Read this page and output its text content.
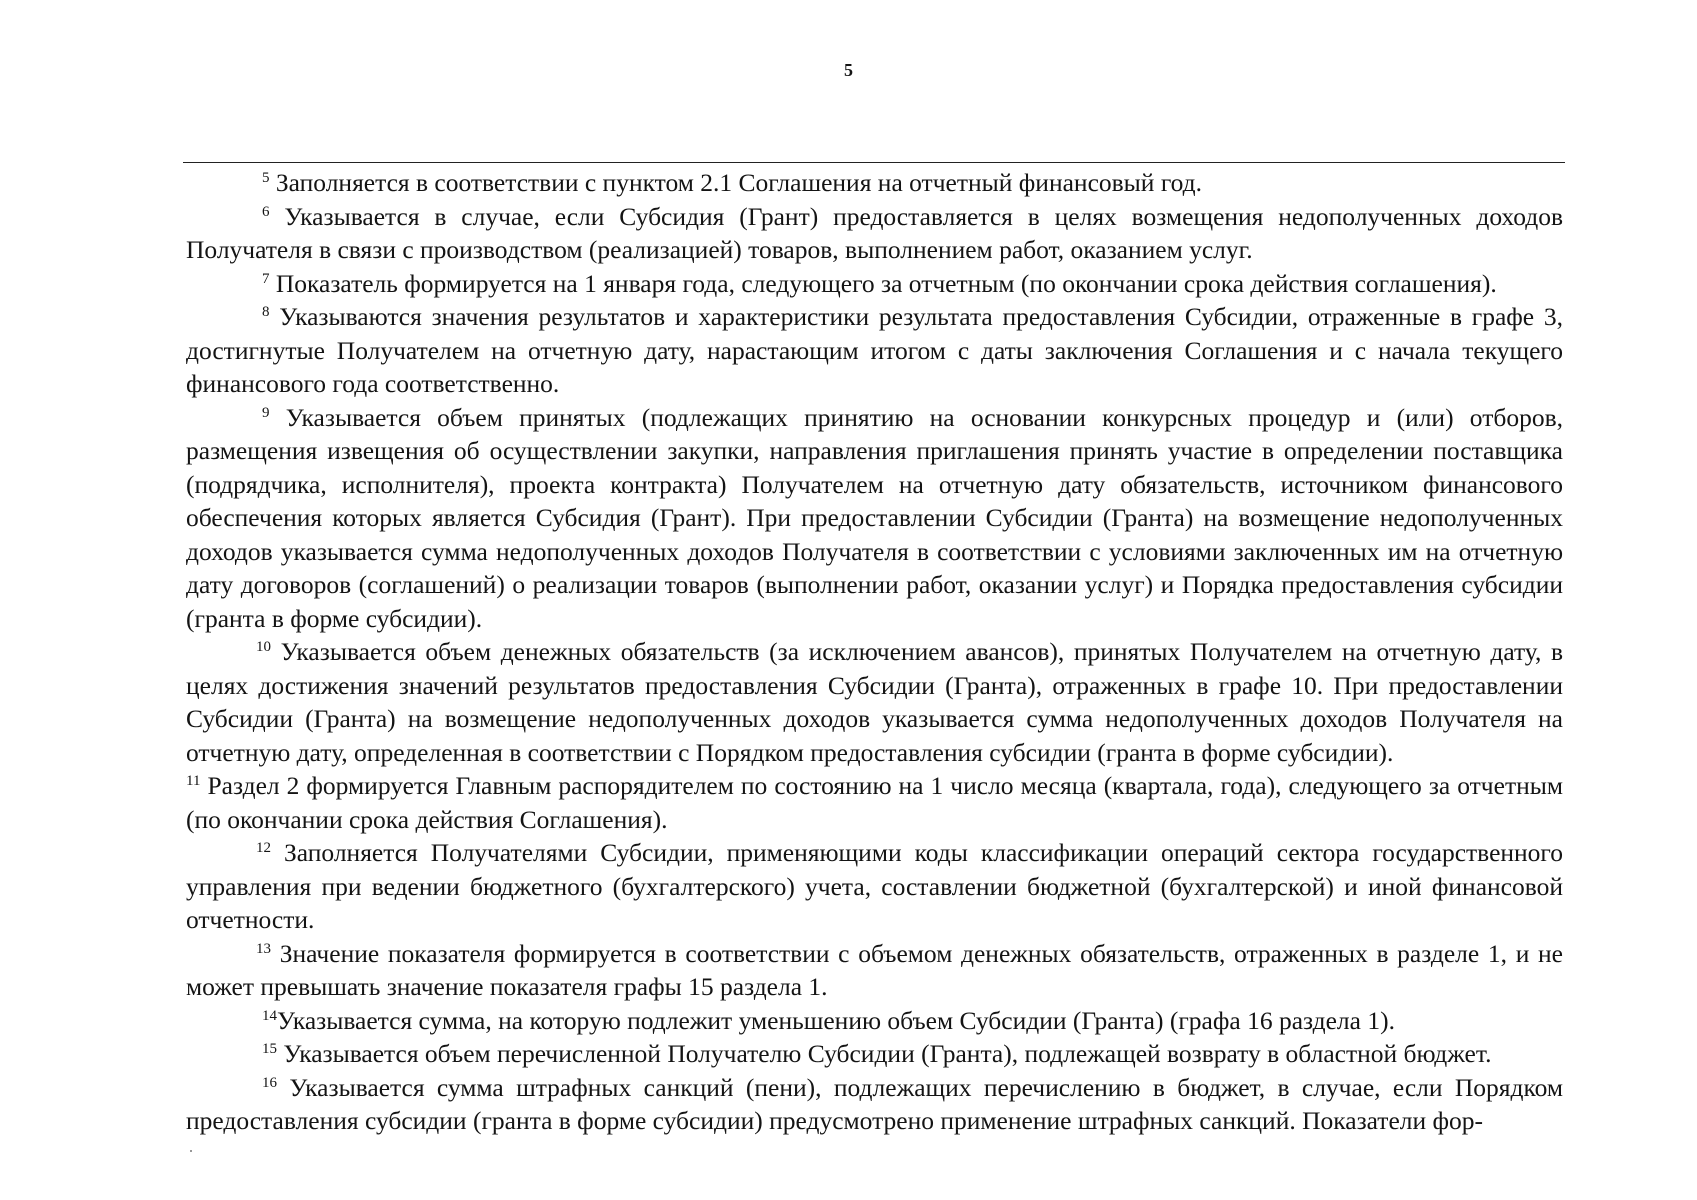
5

$^5$ Заполняется в соответствии с пунктом 2.1 Соглашения на отчетный финансовый год.

$^6$ Указывается в случае, если Субсидия (Грант) предоставляется в целях возмещения недополученных доходов Получателя в связи с производством (реализацией) товаров, выполнением работ, оказанием услуг.

$^7$ Показатель формируется на 1 января года, следующего за отчетным (по окончании срока действия соглашения).

$^8$ Указываются значения результатов и характеристики результата предоставления Субсидии, отраженные в графе 3, достигнутые Получателем на отчетную дату, нарастающим итогом с даты заключения Соглашения и с начала текущего финансового года соответственно.

$^9$ Указывается объем принятых (подлежащих принятию на основании конкурсных процедур и (или) отборов, размещения извещения об осуществлении закупки, направления приглашения принять участие в определении поставщика (подрядчика, исполнителя), проекта контракта) Получателем на отчетную дату обязательств, источником финансового обеспечения которых является Субсидия (Грант). При предоставлении Субсидии (Гранта) на возмещение недополученных доходов указывается сумма недополученных доходов Получателя в соответствии с условиями заключенных им на отчетную дату договоров (соглашений) о реализации товаров (выполнении работ, оказании услуг) и Порядка предоставления субсидии (гранта в форме субсидии).

$^{10}$ Указывается объем денежных обязательств (за исключением авансов), принятых Получателем на отчетную дату, в целях достижения значений результатов предоставления Субсидии (Гранта), отраженных в графе 10. При предоставлении Субсидии (Гранта) на возмещение недополученных доходов указывается сумма недополученных доходов Получателя на отчетную дату, определенная в соответствии с Порядком предоставления субсидии (гранта в форме субсидии).

$^{11}$ Раздел 2 формируется Главным распорядителем по состоянию на 1 число месяца (квартала, года), следующего за отчетным (по окончании срока действия Соглашения).

$^{12}$ Заполняется Получателями Субсидии, применяющими коды классификации операций сектора государственного управления при ведении бюджетного (бухгалтерского) учета, составлении бюджетной (бухгалтерской) и иной финансовой отчетности.

$^{13}$ Значение показателя формируется в соответствии с объемом денежных обязательств, отраженных в разделе 1, и не может превышать значение показателя графы 15 раздела 1.

$^{14}$Указывается сумма, на которую подлежит уменьшению объем Субсидии (Гранта) (графа 16 раздела 1).

$^{15}$ Указывается объем перечисленной Получателю Субсидии (Гранта), подлежащей возврату в областной бюджет.

$^{16}$ Указывается сумма штрафных санкций (пени), подлежащих перечислению в бюджет, в случае, если Порядком предоставления субсидии (гранта в форме субсидии) предусмотрено применение штрафных санкций. Показатели фор-
